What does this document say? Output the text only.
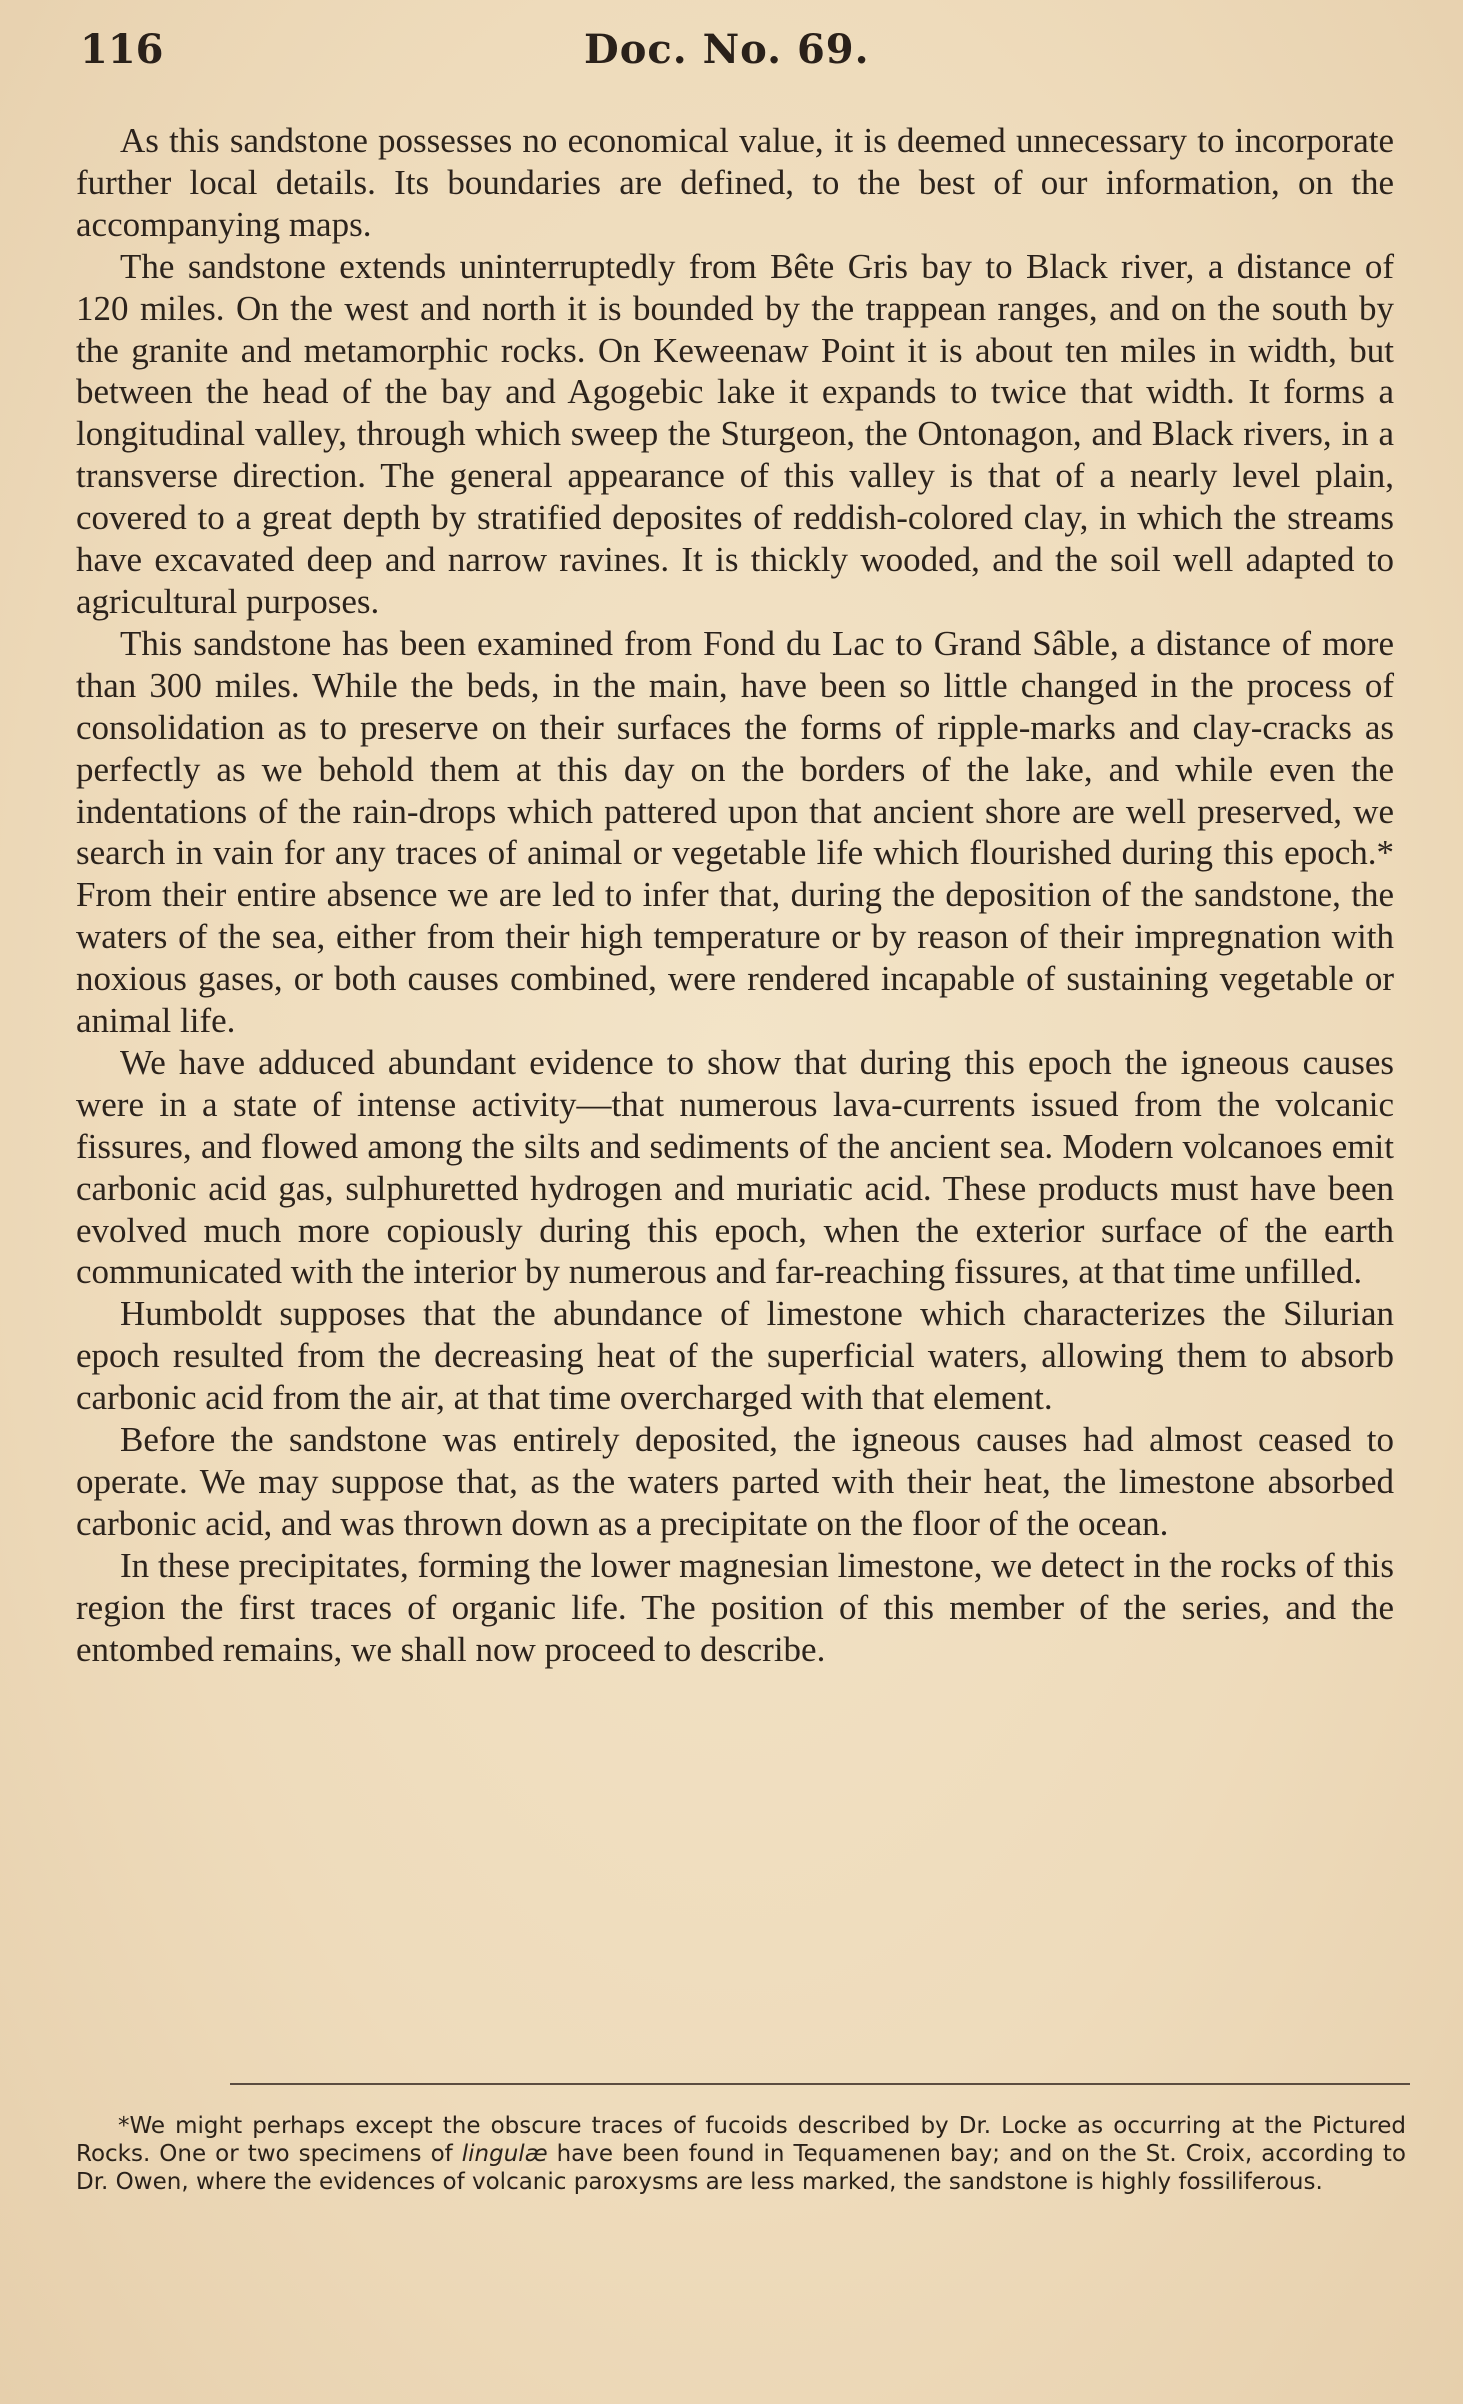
116	Doc. No. 69.

As this sandstone possesses no economical value, it is deemed unnecessary to incorporate further local details. Its boundaries are defined, to the best of our information, on the accompanying maps.

The sandstone extends uninterruptedly from Bête Gris bay to Black river, a distance of 120 miles. On the west and north it is bounded by the trappean ranges, and on the south by the granite and metamorphic rocks. On Keweenaw Point it is about ten miles in width, but between the head of the bay and Agogebic lake it expands to twice that width. It forms a longitudinal valley, through which sweep the Sturgeon, the Ontonagon, and Black rivers, in a transverse direction. The general appearance of this valley is that of a nearly level plain, covered to a great depth by stratified deposites of reddish-colored clay, in which the streams have excavated deep and narrow ravines. It is thickly wooded, and the soil well adapted to agricultural purposes.

This sandstone has been examined from Fond du Lac to Grand Sâble, a distance of more than 300 miles. While the beds, in the main, have been so little changed in the process of consolidation as to preserve on their surfaces the forms of ripple-marks and clay-cracks as perfectly as we behold them at this day on the borders of the lake, and while even the indentations of the rain-drops which pattered upon that ancient shore are well preserved, we search in vain for any traces of animal or vegetable life which flourished during this epoch.* From their entire absence we are led to infer that, during the deposition of the sandstone, the waters of the sea, either from their high temperature or by reason of their impregnation with noxious gases, or both causes combined, were rendered incapable of sustaining vegetable or animal life.

We have adduced abundant evidence to show that during this epoch the igneous causes were in a state of intense activity—that numerous lava-currents issued from the volcanic fissures, and flowed among the silts and sediments of the ancient sea. Modern volcanoes emit carbonic acid gas, sulphuretted hydrogen and muriatic acid. These products must have been evolved much more copiously during this epoch, when the exterior surface of the earth communicated with the interior by numerous and far-reaching fissures, at that time unfilled.

Humboldt supposes that the abundance of limestone which characterizes the Silurian epoch resulted from the decreasing heat of the superficial waters, allowing them to absorb carbonic acid from the air, at that time overcharged with that element.

Before the sandstone was entirely deposited, the igneous causes had almost ceased to operate. We may suppose that, as the waters parted with their heat, the limestone absorbed carbonic acid, and was thrown down as a precipitate on the floor of the ocean.

In these precipitates, forming the lower magnesian limestone, we detect in the rocks of this region the first traces of organic life. The position of this member of the series, and the entombed remains, we shall now proceed to describe.

*We might perhaps except the obscure traces of fucoids described by Dr. Locke as occurring at the Pictured Rocks. One or two specimens of lingulæ have been found in Tequamenen bay; and on the St. Croix, according to Dr. Owen, where the evidences of volcanic paroxysms are less marked, the sandstone is highly fossiliferous.
